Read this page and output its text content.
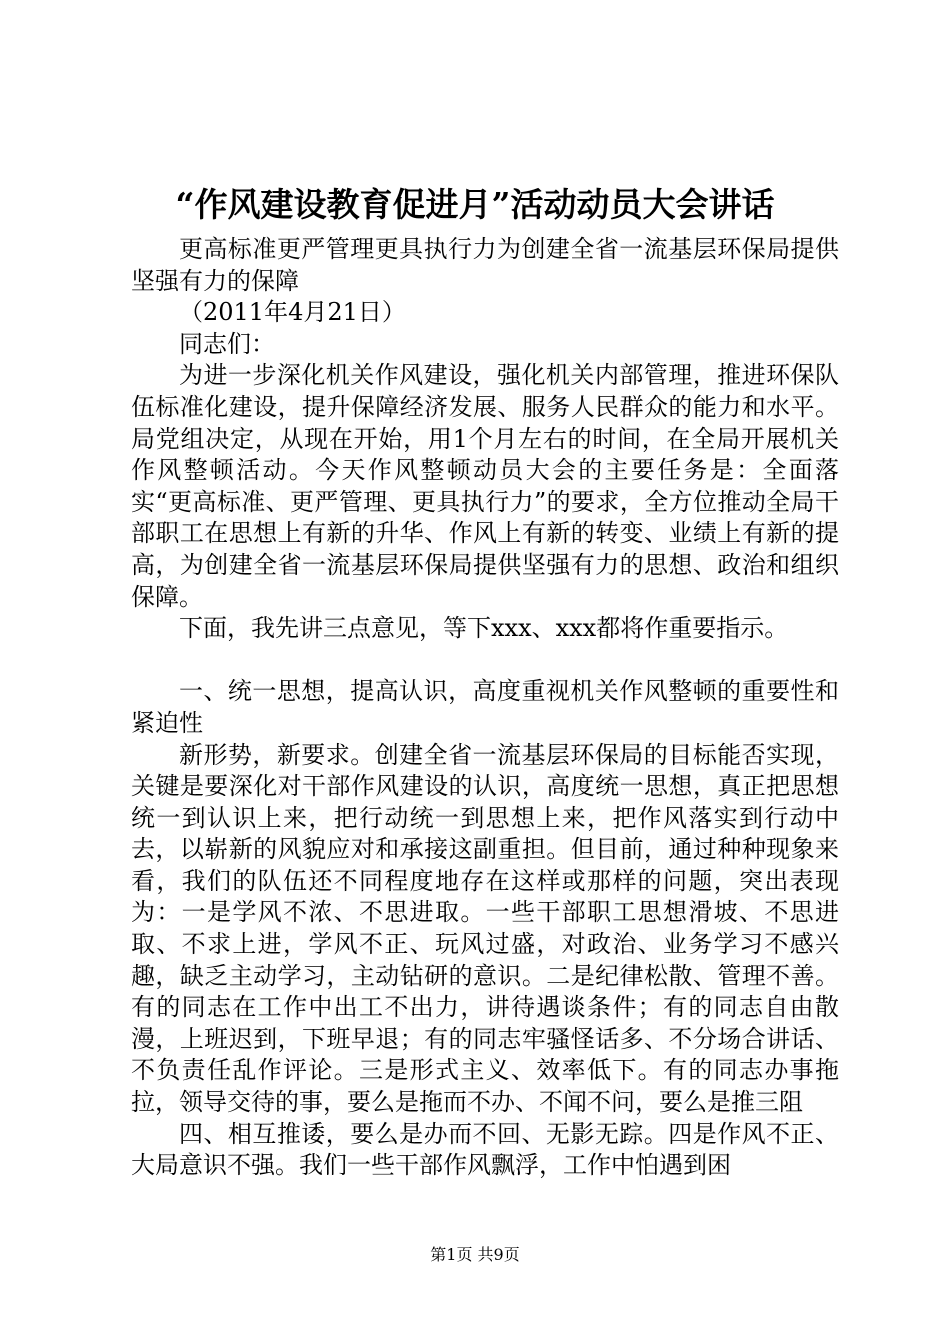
“作风建设教育促进月”活动动员大会讲话

更高标准更严管理更具执行力为创建全省一流基层环保局提供坚强有力的保障

（2011年4月21日）

同志们：

为进一步深化机关作风建设，强化机关内部管理，推进环保队伍标准化建设，提升保障经济发展、服务人民群众的能力和水平。局党组决定，从现在开始，用1个月左右的时间，在全局开展机关作风整顿活动。今天作风整顿动员大会的主要任务是：全面落实“更高标准、更严管理、更具执行力”的要求，全方位推动全局干部职工在思想上有新的升华、作风上有新的转变、业绩上有新的提高，为创建全省一流基层环保局提供坚强有力的思想、政治和组织保障。

下面，我先讲三点意见，等下xxx、xxx都将作重要指示。

一、统一思想，提高认识，高度重视机关作风整顿的重要性和紧迫性

新形势，新要求。创建全省一流基层环保局的目标能否实现，关键是要深化对干部作风建设的认识，高度统一思想，真正把思想统一到认识上来，把行动统一到思想上来，把作风落实到行动中去，以崭新的风貌应对和承接这副重担。但目前，通过种种现象来看，我们的队伍还不同程度地存在这样或那样的问题，突出表现为：一是学风不浓、不思进取。一些干部职工思想滑坡、不思进取、不求上进，学风不正、玩风过盛，对政治、业务学习不感兴趣，缺乏主动学习，主动钻研的意识。二是纪律松散、管理不善。有的同志在工作中出工不出力，讲待遇谈条件；有的同志自由散漫，上班迟到，下班早退；有的同志牢骚怪话多、不分场合讲话、不负责任乱作评论。三是形式主义、效率低下。有的同志办事拖拉，领导交待的事，要么是拖而不办、不闻不问，要么是推三阻

四、相互推诿，要么是办而不回、无影无踪。四是作风不正、大局意识不强。我们一些干部作风飘浮，工作中怕遇到困

第1页 共9页
